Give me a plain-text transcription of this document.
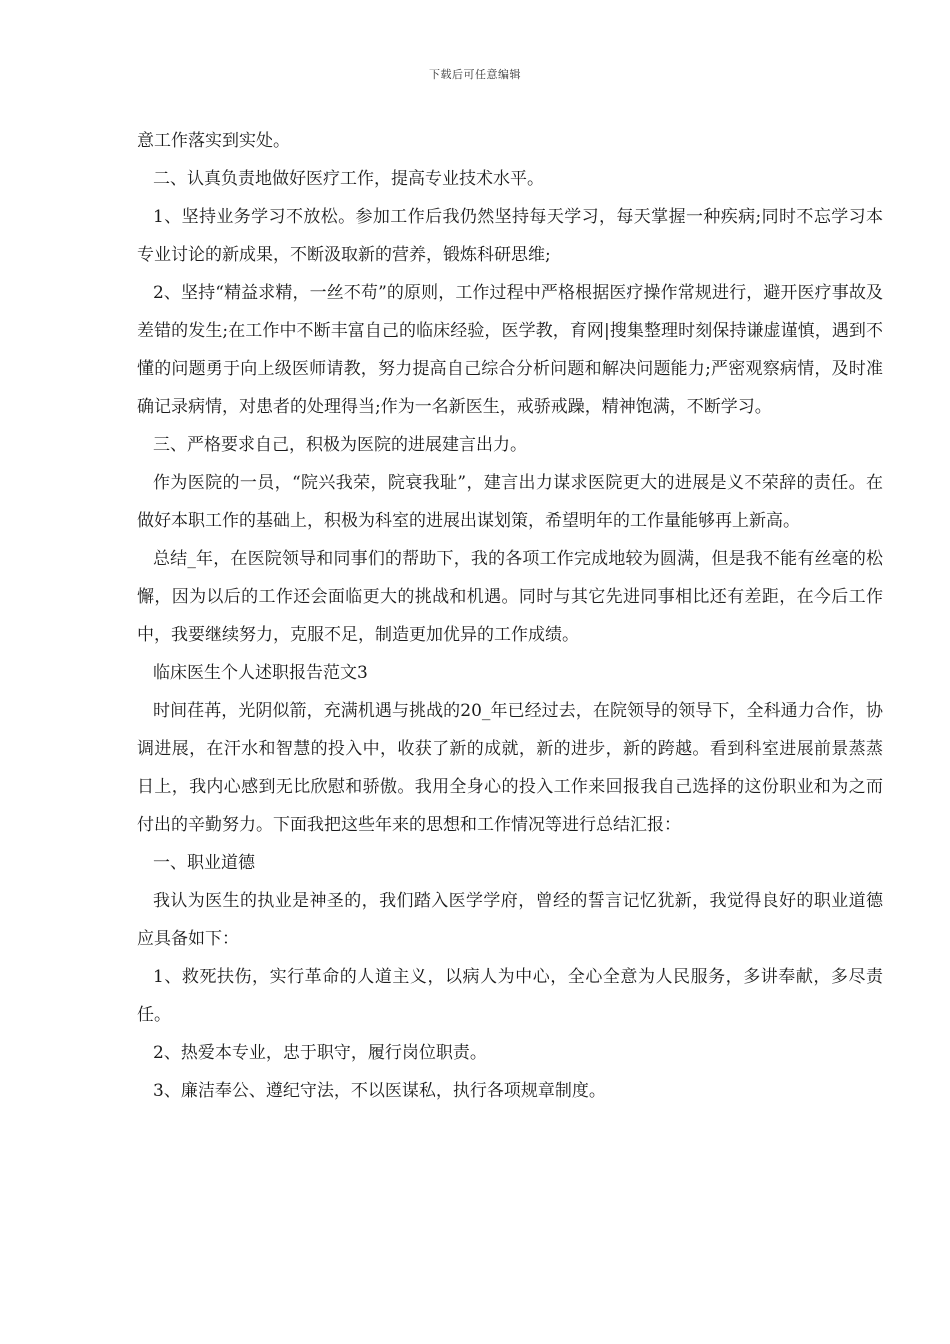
下载后可任意编辑

意工作落实到实处。

二、认真负责地做好医疗工作，提高专业技术水平。

1、坚持业务学习不放松。参加工作后我仍然坚持每天学习，每天掌握一种疾病;同时不忘学习本专业讨论的新成果，不断汲取新的营养，锻炼科研思维;

2、坚持“精益求精，一丝不苟”的原则，工作过程中严格根据医疗操作常规进行，避开医疗事故及差错的发生;在工作中不断丰富自己的临床经验，医学教，育网|搜集整理时刻保持谦虚谨慎，遇到不懂的问题勇于向上级医师请教，努力提高自己综合分析问题和解决问题能力;严密观察病情，及时准确记录病情，对患者的处理得当;作为一名新医生，戒骄戒躁，精神饱满，不断学习。

三、严格要求自己，积极为医院的进展建言出力。

作为医院的一员，“院兴我荣，院衰我耻”，建言出力谋求医院更大的进展是义不荣辞的责任。在做好本职工作的基础上，积极为科室的进展出谋划策，希望明年的工作量能够再上新高。

总结_年，在医院领导和同事们的帮助下，我的各项工作完成地较为圆满，但是我不能有丝毫的松懈，因为以后的工作还会面临更大的挑战和机遇。同时与其它先进同事相比还有差距，在今后工作中，我要继续努力，克服不足，制造更加优异的工作成绩。

临床医生个人述职报告范文3

时间荏苒，光阴似箭，充满机遇与挑战的20_年已经过去，在院领导的领导下，全科通力合作，协调进展，在汗水和智慧的投入中，收获了新的成就，新的进步，新的跨越。看到科室进展前景蒸蒸日上，我内心感到无比欣慰和骄傲。我用全身心的投入工作来回报我自己选择的这份职业和为之而付出的辛勤努力。下面我把这些年来的思想和工作情况等进行总结汇报：

一、职业道德

我认为医生的执业是神圣的，我们踏入医学学府，曾经的誓言记忆犹新，我觉得良好的职业道德应具备如下：

1、救死扶伤，实行革命的人道主义，以病人为中心，全心全意为人民服务，多讲奉献，多尽责任。

2、热爱本专业，忠于职守，履行岗位职责。

3、廉洁奉公、遵纪守法，不以医谋私，执行各项规章制度。
